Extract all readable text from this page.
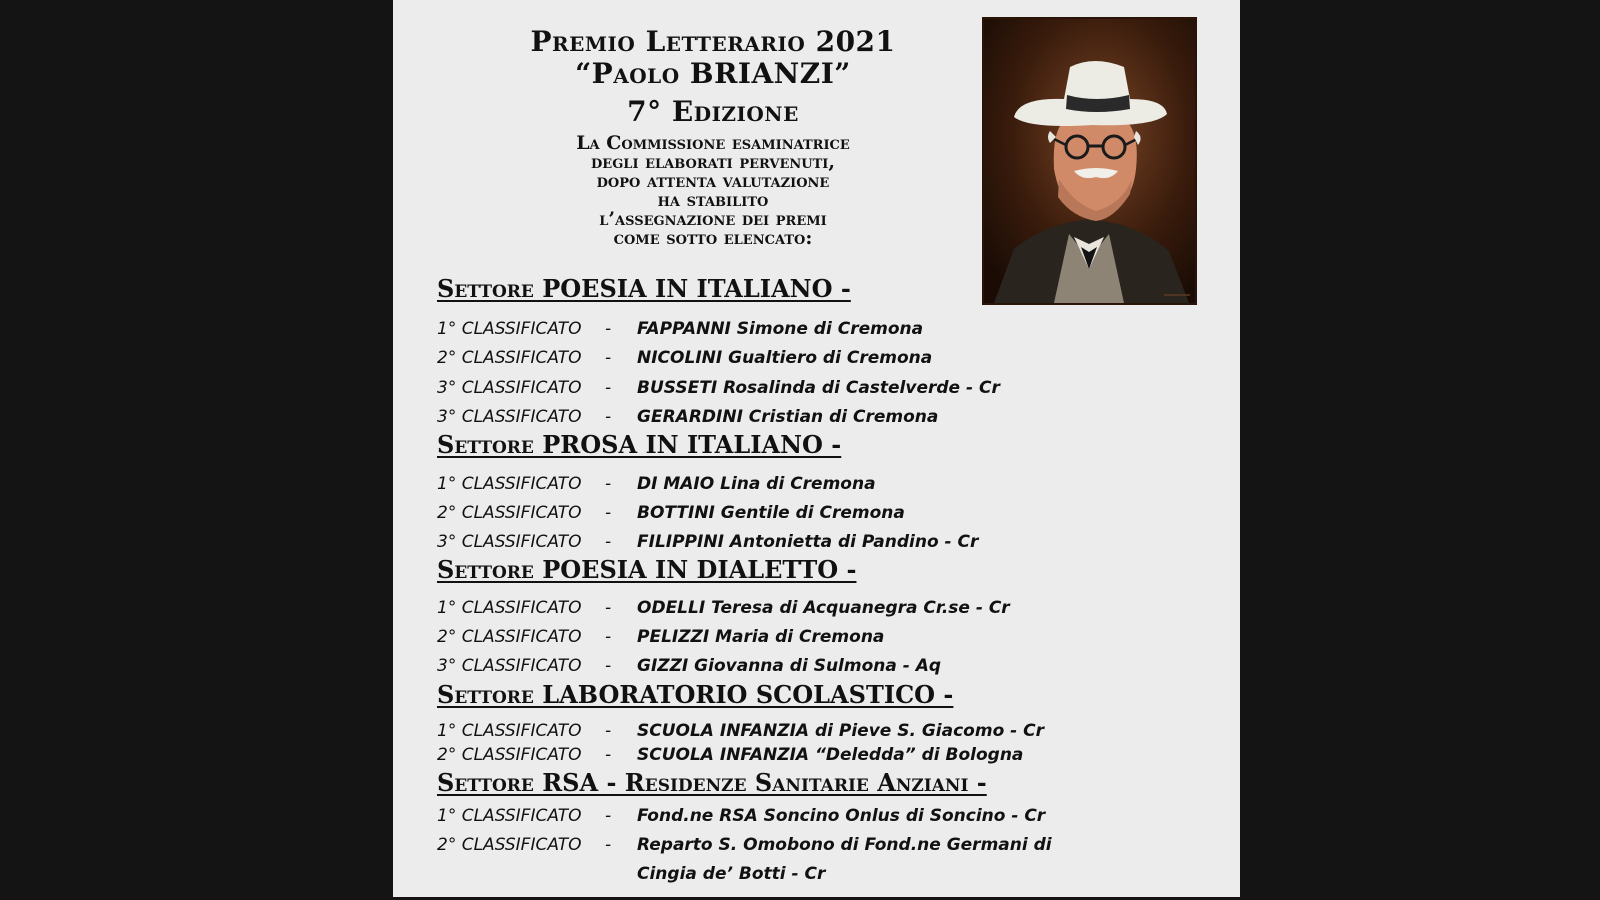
Premio Letterario 2021
“Paolo BRIANZI”
7° Edizione
La Commissione esaminatrice
degli elaborati pervenuti,
dopo attenta valutazione
ha stabilito
l’assegnazione dei premi
come sotto elencato:
Settore POESIA IN ITALIANO -
1° CLASSIFICATO - FAPPANNI Simone di Cremona
2° CLASSIFICATO - NICOLINI Gualtiero di Cremona
3° CLASSIFICATO - BUSSETI Rosalinda di Castelverde - Cr
3° CLASSIFICATO - GERARDINI Cristian di Cremona
Settore PROSA IN ITALIANO -
1° CLASSIFICATO - DI MAIO Lina di Cremona
2° CLASSIFICATO - BOTTINI Gentile di Cremona
3° CLASSIFICATO - FILIPPINI Antonietta di Pandino - Cr
Settore POESIA IN DIALETTO -
1° CLASSIFICATO - ODELLI Teresa di Acquanegra Cr.se - Cr
2° CLASSIFICATO - PELIZZI Maria di Cremona
3° CLASSIFICATO - GIZZI Giovanna di Sulmona - Aq
Settore LABORATORIO SCOLASTICO -
1° CLASSIFICATO - SCUOLA INFANZIA di Pieve S. Giacomo - Cr
2° CLASSIFICATO - SCUOLA INFANZIA “Deledda” di Bologna
Settore RSA - Residenze Sanitarie Anziani -
1° CLASSIFICATO - Fond.ne RSA Soncino Onlus di Soncino - Cr
2° CLASSIFICATO - Reparto S. Omobono di Fond.ne Germani di
Cingia de’ Botti - Cr
